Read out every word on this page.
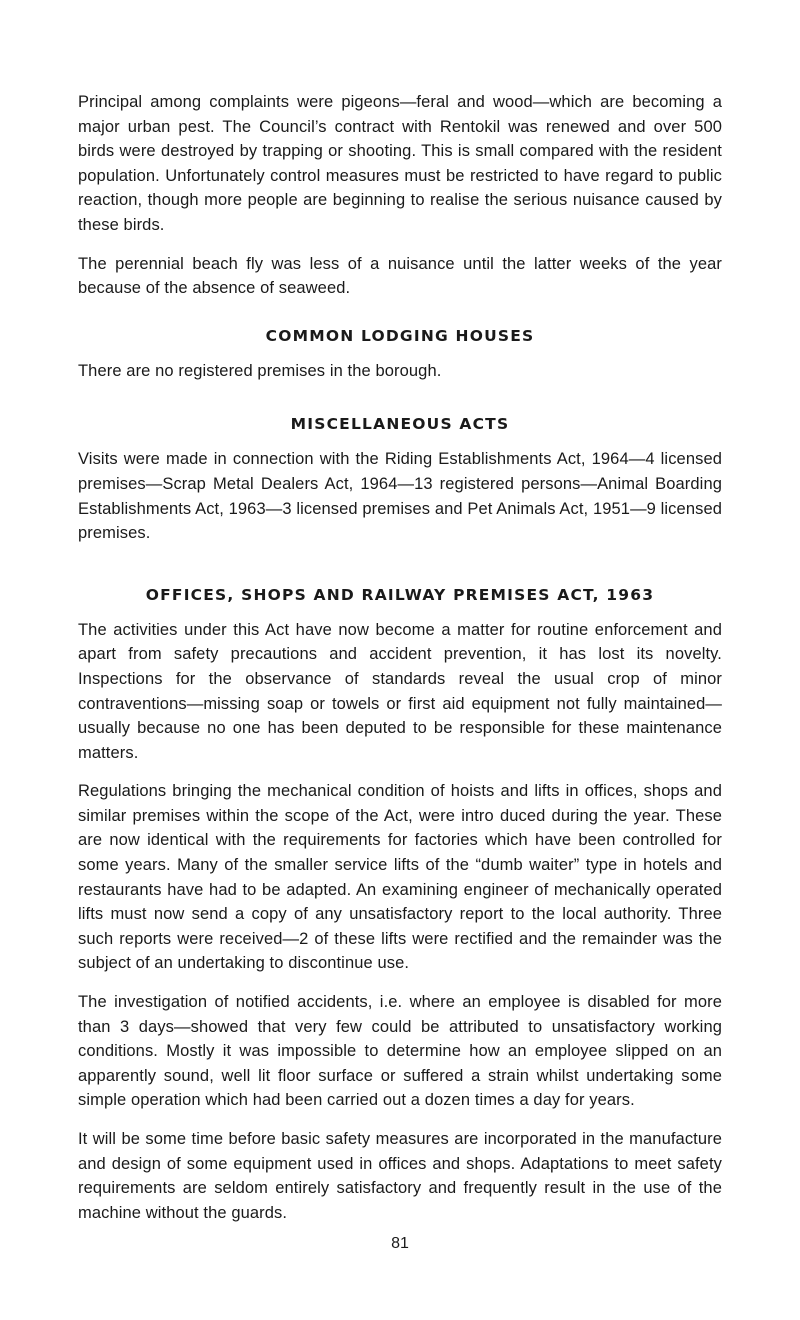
Principal among complaints were pigeons—feral and wood—which are becoming a major urban pest. The Council’s contract with Rentokil was renewed and over 500 birds were destroyed by trapping or shooting. This is small compared with the resident population. Unfortunately control measures must be restricted to have regard to public reaction, though more people are beginning to realise the serious nuisance caused by these birds.

The perennial beach fly was less of a nuisance until the latter weeks of the year because of the absence of seaweed.

COMMON LODGING HOUSES

There are no registered premises in the borough.

MISCELLANEOUS ACTS

Visits were made in connection with the Riding Establishments Act, 1964—4 licensed premises—Scrap Metal Dealers Act, 1964—13 registered persons—Animal Boarding Establishments Act, 1963—3 licensed premises and Pet Animals Act, 1951—9 licensed premises.

OFFICES, SHOPS AND RAILWAY PREMISES ACT, 1963

The activities under this Act have now become a matter for routine enforcement and apart from safety precautions and accident prevention, it has lost its novelty. Inspections for the observance of standards reveal the usual crop of minor contraventions—missing soap or towels or first aid equipment not fully maintained—usually because no one has been deputed to be responsible for these maintenance matters.

Regulations bringing the mechanical condition of hoists and lifts in offices, shops and similar premises within the scope of the Act, were intro duced during the year. These are now identical with the requirements for factories which have been controlled for some years. Many of the smaller service lifts of the “dumb waiter” type in hotels and restaurants have had to be adapted. An examining engineer of mechanically operated lifts must now send a copy of any unsatisfactory report to the local authority. Three such reports were received—2 of these lifts were rectified and the remainder was the subject of an undertaking to discontinue use.

The investigation of notified accidents, i.e. where an employee is disabled for more than 3 days—showed that very few could be attributed to unsatisfactory working conditions. Mostly it was impossible to determine how an employee slipped on an apparently sound, well lit floor surface or suffered a strain whilst undertaking some simple operation which had been carried out a dozen times a day for years.

It will be some time before basic safety measures are incorporated in the manufacture and design of some equipment used in offices and shops. Adaptations to meet safety requirements are seldom entirely satisfactory and frequently result in the use of the machine without the guards.

81
